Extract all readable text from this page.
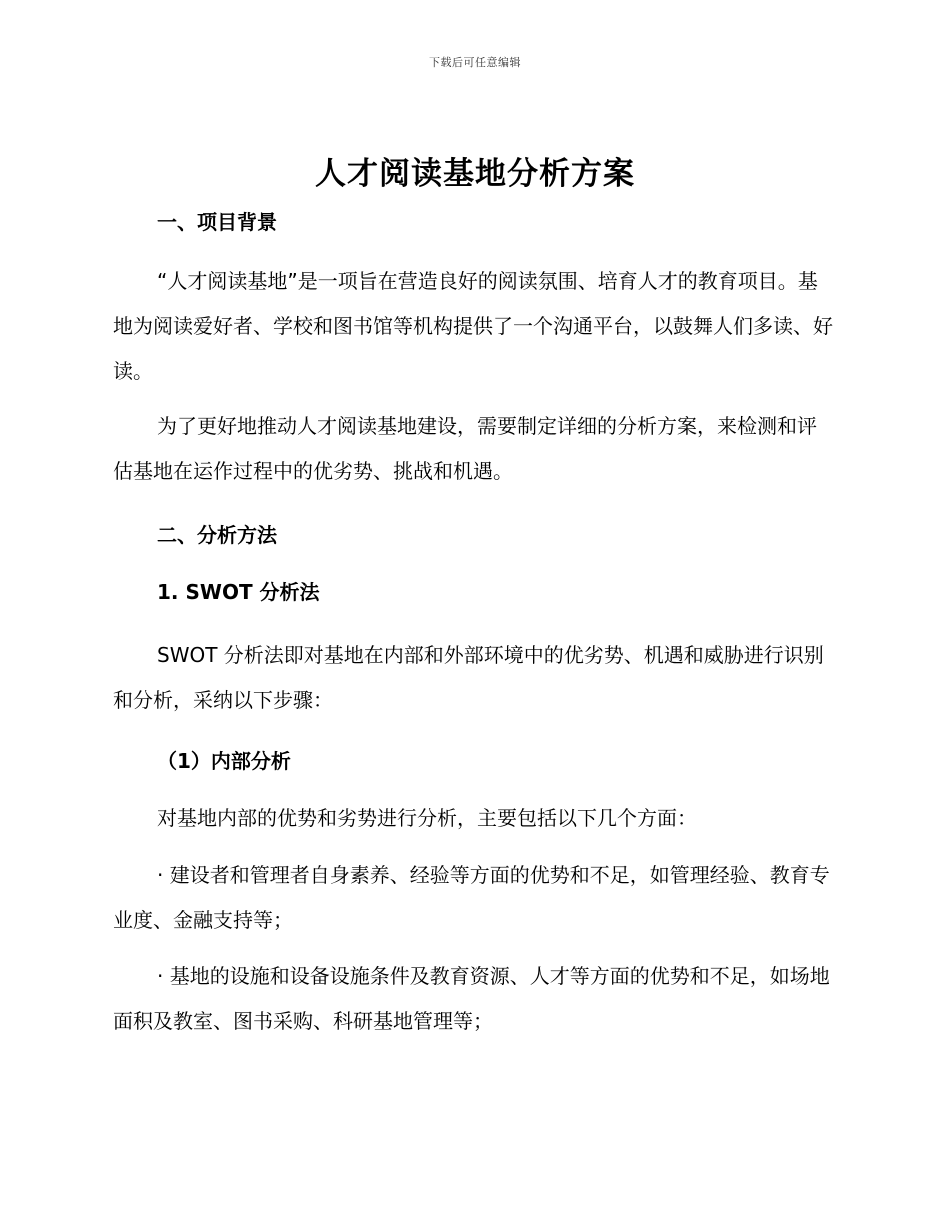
下载后可任意编辑
人才阅读基地分析方案
一、项目背景

“人才阅读基地”是一项旨在营造良好的阅读氛围、培育人才的教育项目。基地为阅读爱好者、学校和图书馆等机构提供了一个沟通平台，以鼓舞人们多读、好读。

为了更好地推动人才阅读基地建设，需要制定详细的分析方案，来检测和评估基地在运作过程中的优劣势、挑战和机遇。

二、分析方法
1. SWOT 分析法

SWOT 分析法即对基地在内部和外部环境中的优劣势、机遇和威胁进行识别和分析，采纳以下步骤：

（1）内部分析

对基地内部的优势和劣势进行分析，主要包括以下几个方面：

· 建设者和管理者自身素养、经验等方面的优势和不足，如管理经验、教育专业度、金融支持等；

· 基地的设施和设备设施条件及教育资源、人才等方面的优势和不足，如场地面积及教室、图书采购、科研基地管理等；
